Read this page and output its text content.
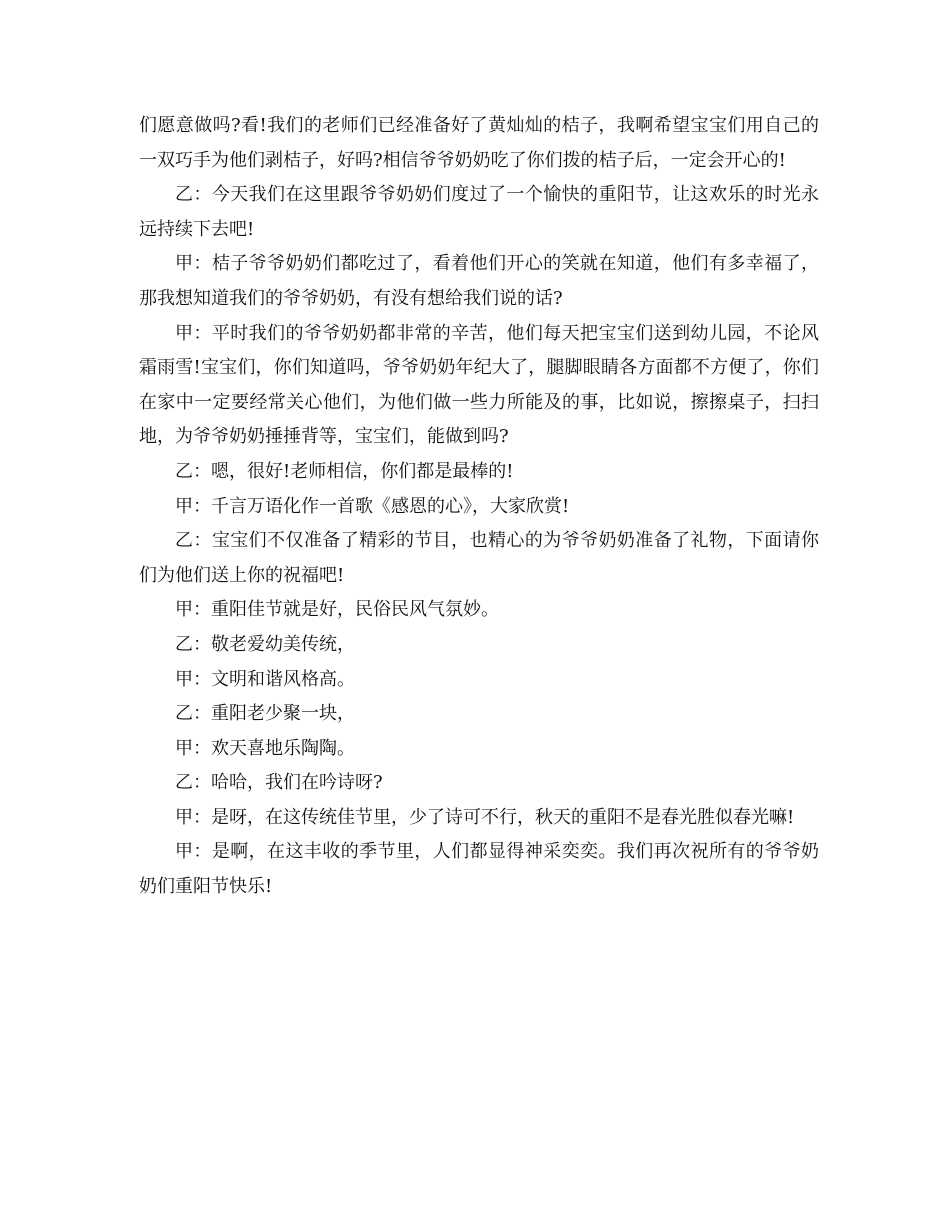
们愿意做吗?看!我们的老师们已经准备好了黄灿灿的桔子，我啊希望宝宝们用自己的一双巧手为他们剥桔子，好吗?相信爷爷奶奶吃了你们拨的桔子后，一定会开心的!

乙：今天我们在这里跟爷爷奶奶们度过了一个愉快的重阳节，让这欢乐的时光永远持续下去吧!

甲：桔子爷爷奶奶们都吃过了，看着他们开心的笑就在知道，他们有多幸福了，那我想知道我们的爷爷奶奶，有没有想给我们说的话?

甲：平时我们的爷爷奶奶都非常的辛苦，他们每天把宝宝们送到幼儿园，不论风霜雨雪!宝宝们，你们知道吗，爷爷奶奶年纪大了，腿脚眼睛各方面都不方便了，你们在家中一定要经常关心他们，为他们做一些力所能及的事，比如说，擦擦桌子，扫扫地，为爷爷奶奶捶捶背等，宝宝们，能做到吗?

乙：嗯，很好!老师相信，你们都是最棒的!

甲：千言万语化作一首歌《感恩的心》，大家欣赏!

乙：宝宝们不仅准备了精彩的节目，也精心的为爷爷奶奶准备了礼物，下面请你们为他们送上你的祝福吧!

甲：重阳佳节就是好，民俗民风气氛妙。

乙：敬老爱幼美传统，

甲：文明和谐风格高。

乙：重阳老少聚一块，

甲：欢天喜地乐陶陶。

乙：哈哈，我们在吟诗呀?

甲：是呀，在这传统佳节里，少了诗可不行，秋天的重阳不是春光胜似春光嘛!

甲：是啊，在这丰收的季节里，人们都显得神采奕奕。我们再次祝所有的爷爷奶奶们重阳节快乐!
